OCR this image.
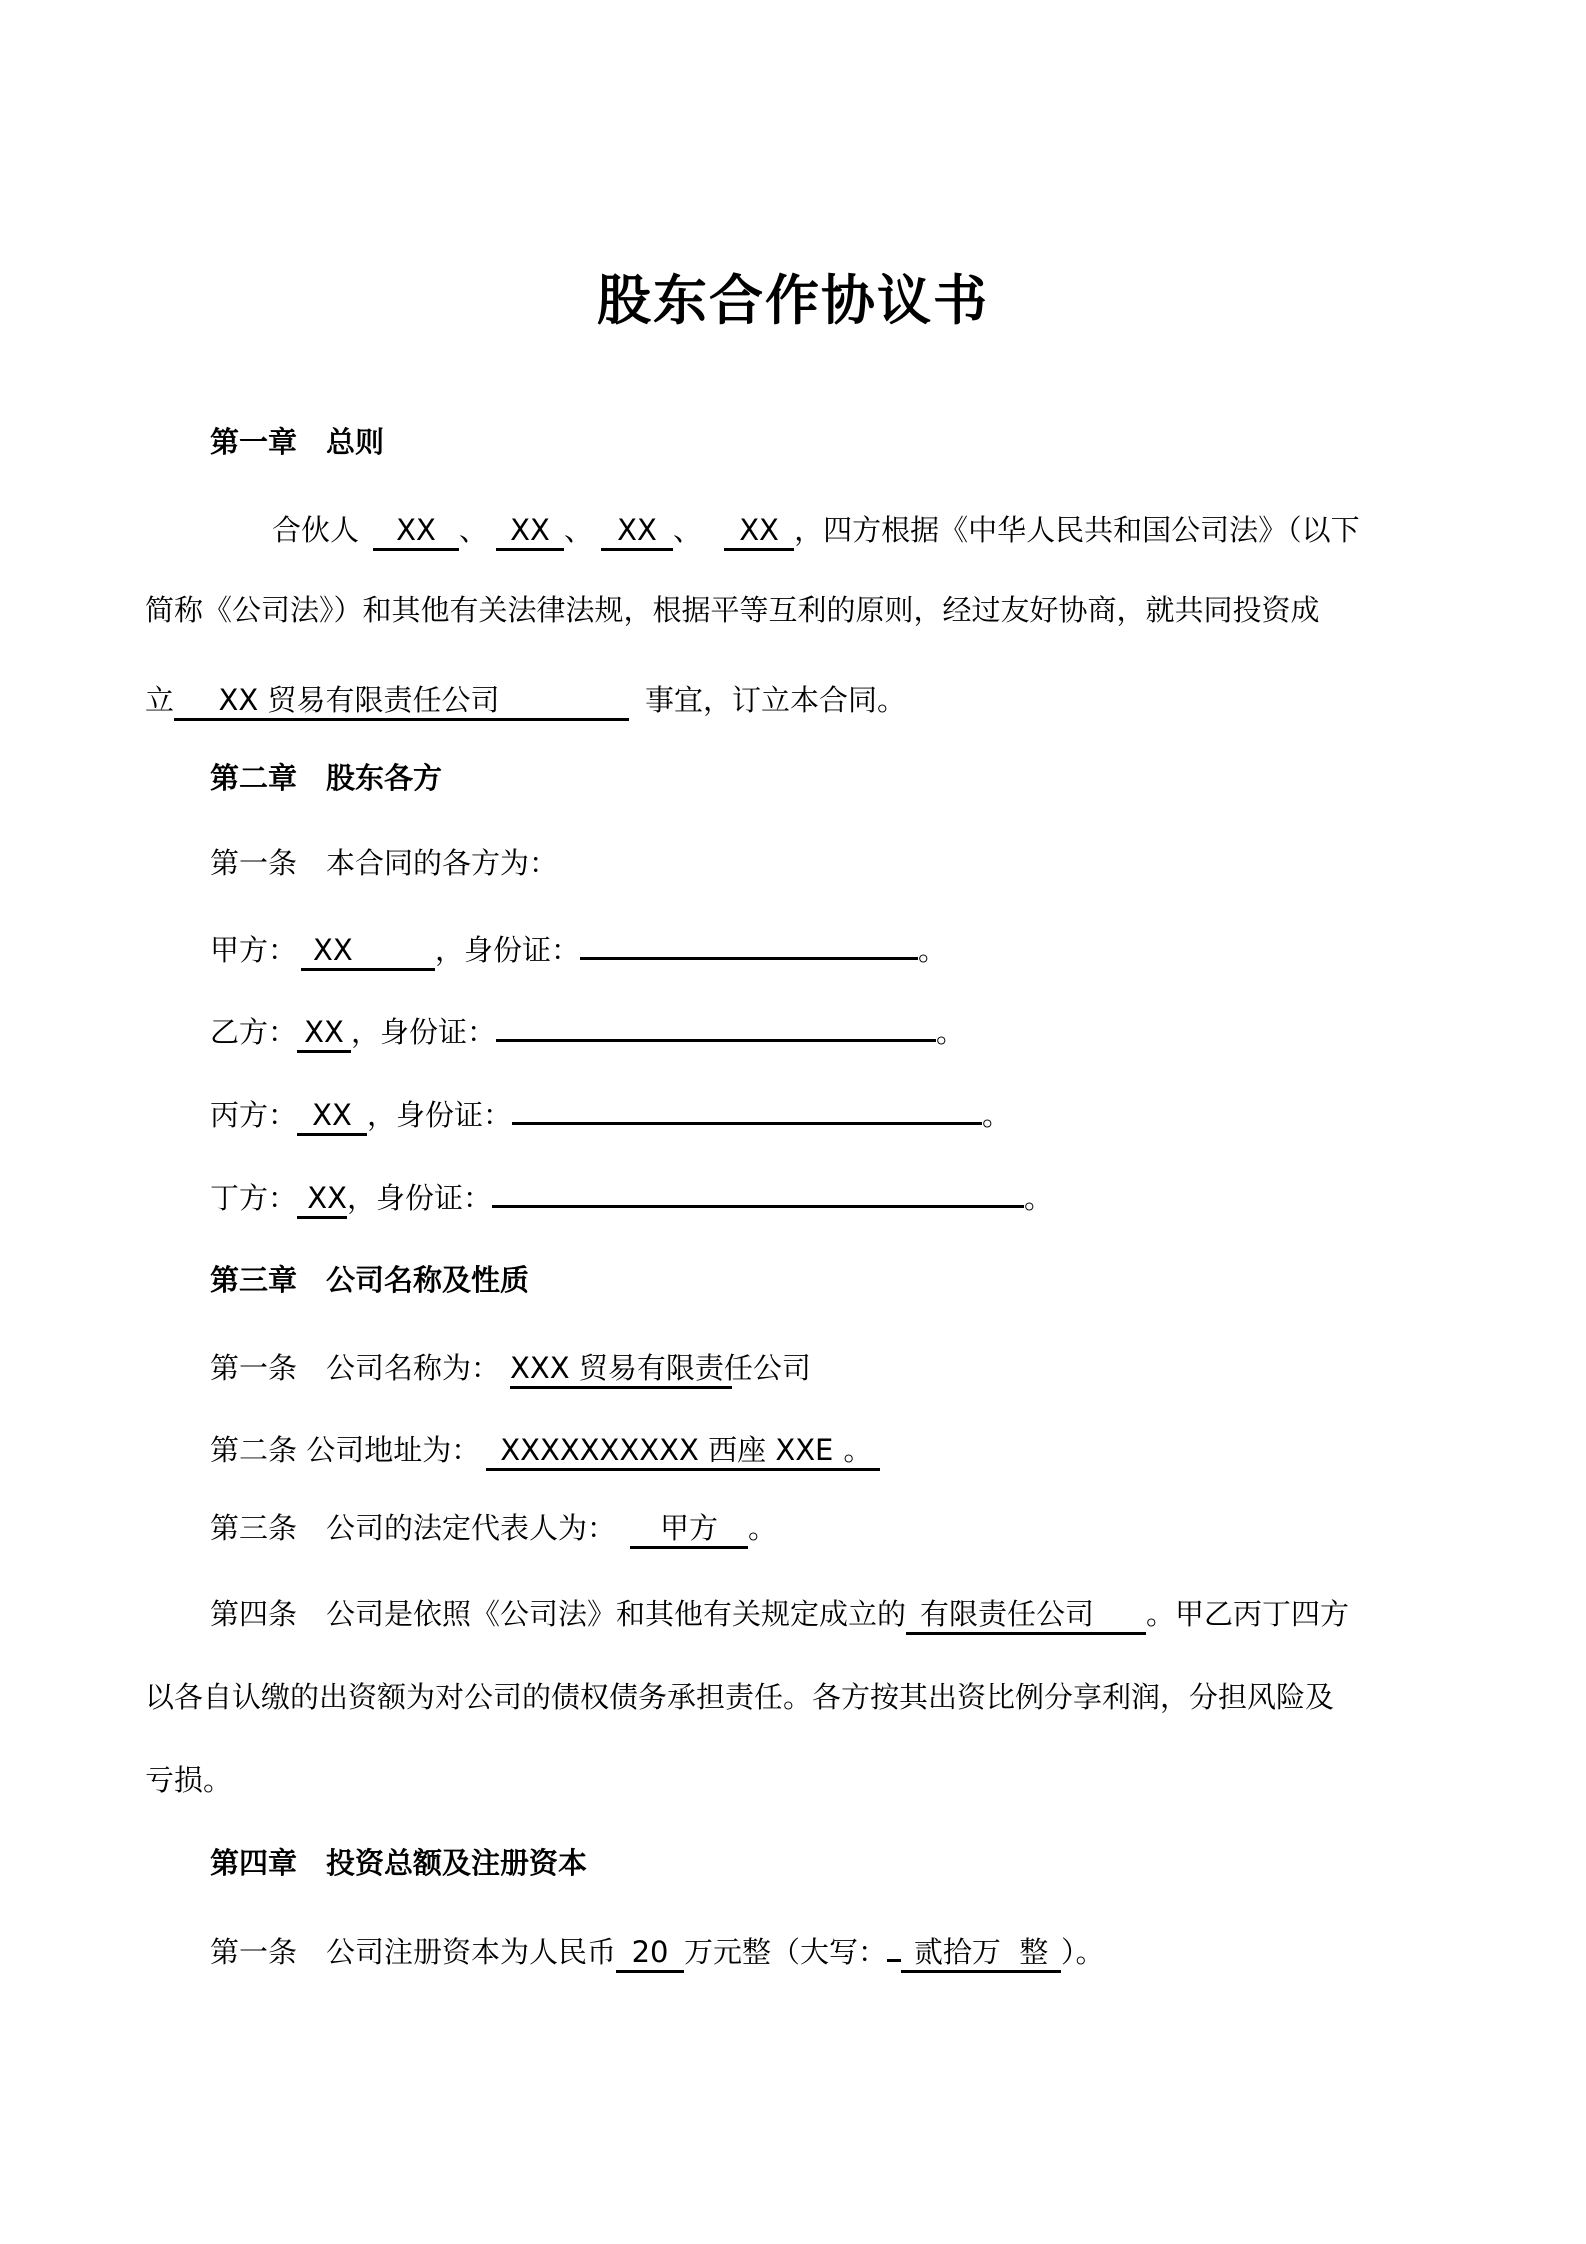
股东合作协议书
第一章　总则
合伙人 XX 、 XX 、 XX 、 XX ，四方根据《中华人民共和国公司法》（以下
简称《公司法》）和其他有关法律法规，根据平等互利的原则，经过友好协商，就共同投资成
立 XX 贸易有限责任公司	事宜，订立本合同。
第二章　股东各方
第一条　本合同的各方为：
甲方： XX	，身份证：	。
乙方： XX ，身份证：	。
丙方： XX ，身份证：	。
丁方： XX，身份证：	。
第三章　公司名称及性质
第一条　公司名称为： XXX 贸易有限责任公司
第二条 公司地址为： XXXXXXXXXX 西座 XXE 。
第三条　公司的法定代表人为： 甲方 。
第四条　公司是依照《公司法》和其他有关规定成立的 有限责任公司 。甲乙丙丁四方
以各自认缴的出资额为对公司的债权债务承担责任。各方按其出资比例分享利润，分担风险及
亏损。
第四章　投资总额及注册资本
第一条　公司注册资本为人民币 20 万元整（大写： 贰拾万  整 ）。
